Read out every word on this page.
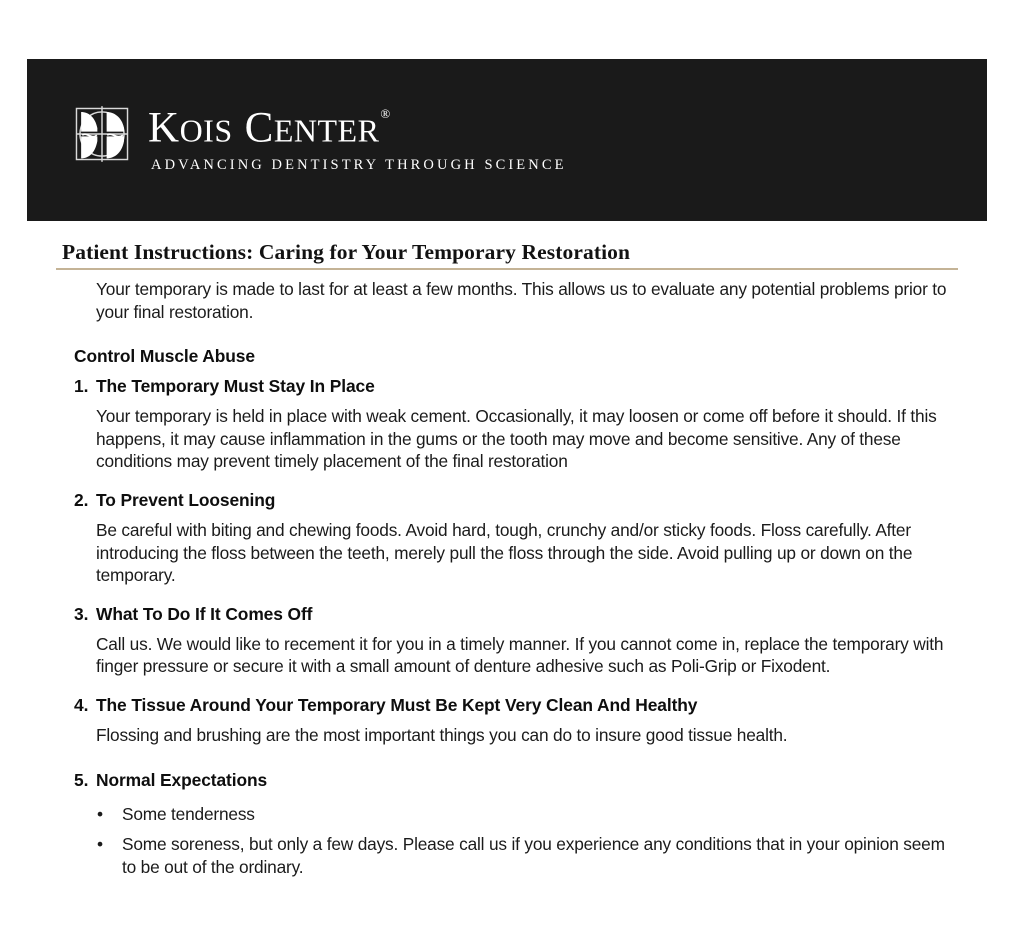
KOIS CENTER®
ADVANCING DENTISTRY THROUGH SCIENCE
Patient Instructions: Caring for Your Temporary Restoration

Your temporary is made to last for at least a few months. This allows us to evaluate any potential problems prior to your final restoration.

Control Muscle Abuse
1. The Temporary Must Stay In Place

Your temporary is held in place with weak cement. Occasionally, it may loosen or come off before it should. If this happens, it may cause inflammation in the gums or the tooth may move and become sensitive. Any of these conditions may prevent timely placement of the final restoration

2. To Prevent Loosening

Be careful with biting and chewing foods. Avoid hard, tough, crunchy and/or sticky foods. Floss carefully. After introducing the floss between the teeth, merely pull the floss through the side. Avoid pulling up or down on the temporary.

3. What To Do If It Comes Off

Call us. We would like to recement it for you in a timely manner. If you cannot come in, replace the temporary with finger pressure or secure it with a small amount of denture adhesive such as Poli-Grip or Fixodent.

4. The Tissue Around Your Temporary Must Be Kept Very Clean And Healthy

Flossing and brushing are the most important things you can do to insure good tissue health.

5. Normal Expectations
• Some tenderness
• Some soreness, but only a few days. Please call us if you experience any conditions that in your opinion seem to be out of the ordinary.
